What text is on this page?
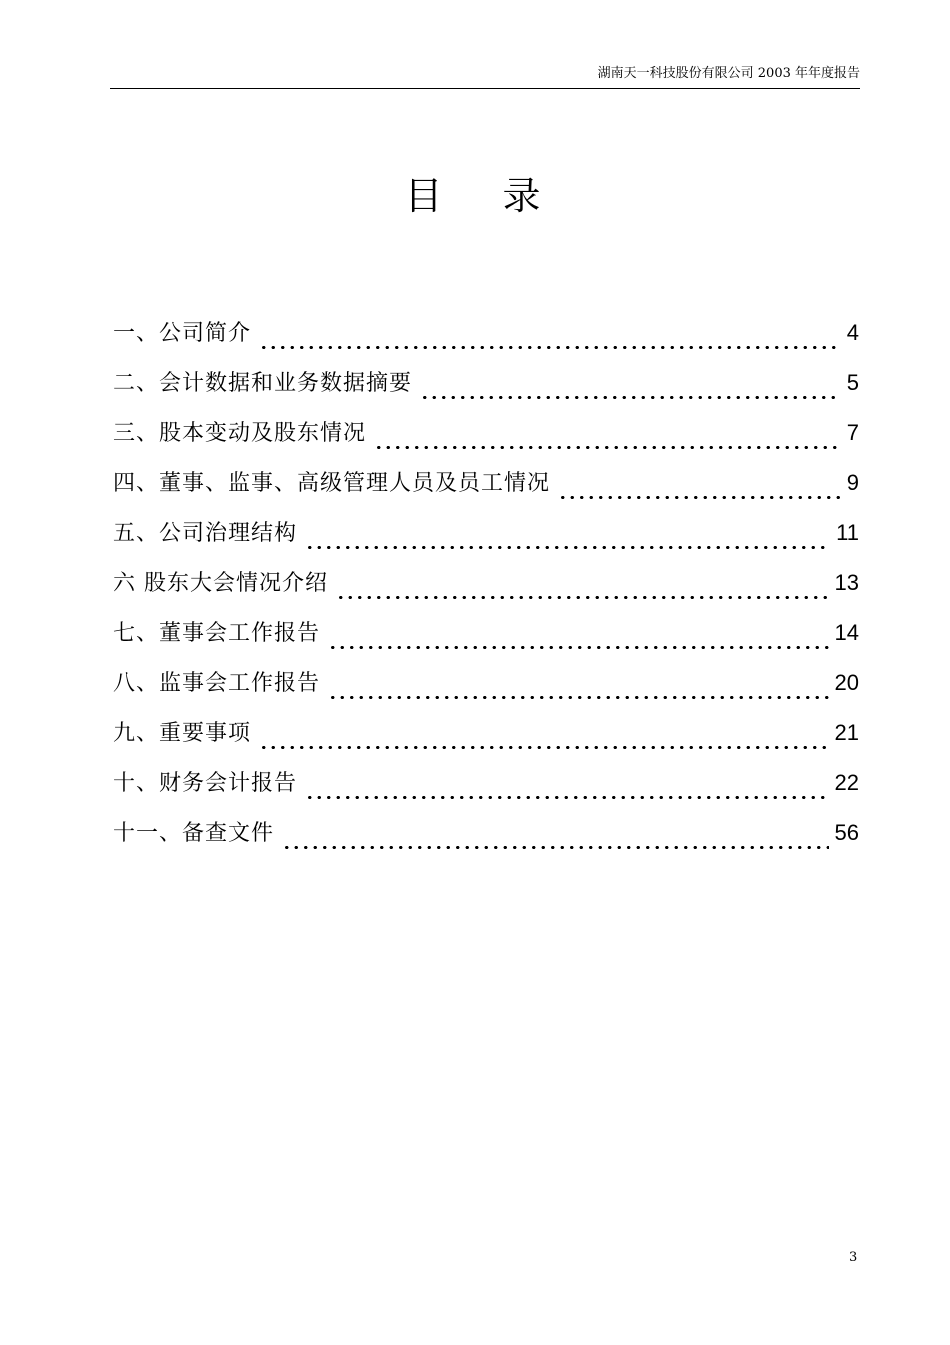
湖南天一科技股份有限公司 2003 年年度报告
目录
一、公司简介	4
二、会计数据和业务数据摘要	5
三、股本变动及股东情况	7
四、董事、监事、高级管理人员及员工情况	9
五、公司治理结构	11
六 股东大会情况介绍	13
七、董事会工作报告	14
八、监事会工作报告	20
九、重要事项	21
十、财务会计报告	22
十一、备查文件	56
3
